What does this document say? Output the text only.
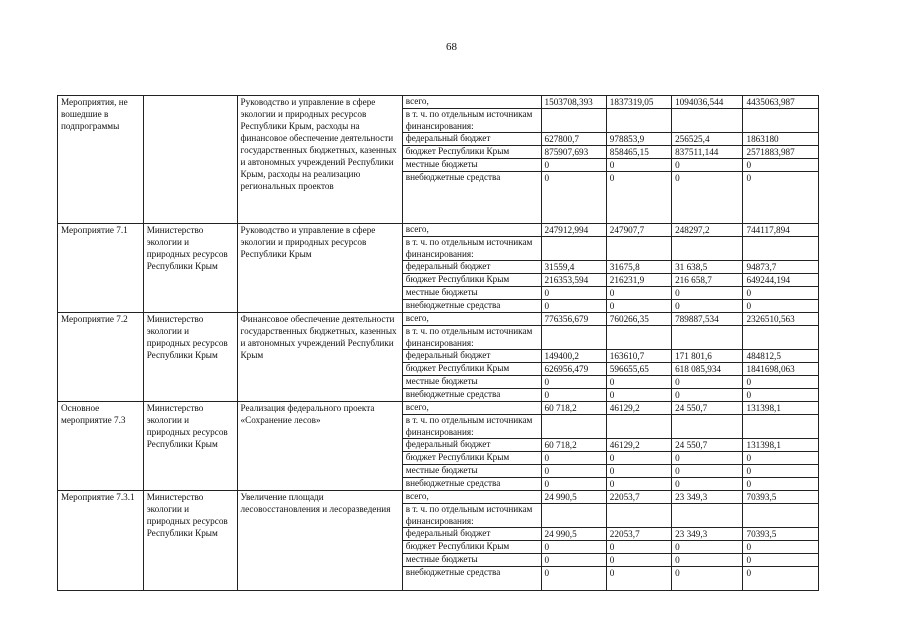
68
Мероприятия, не вошедшие в подпрограммы		Руководство и управление в сфере экологии и природных ресурсов Республики Крым, расходы на финансовое обеспечение деятельности государственных бюджетных, казенных и автономных учреждений Республики Крым, расходы на реализацию региональных проектов	всего,	1503708,393	1837319,05	1094036,544	4435063,987
			в т. ч. по отдельным источникам финансирования:				
			федеральный бюджет	627800,7	978853,9	256525,4	1863180
			бюджет Республики Крым	875907,693	858465,15	837511,144	2571883,987
			местные бюджеты	0	0	0	0
			внебюджетные средства	0	0	0	0
Мероприятие 7.1	Министерство экологии и природных ресурсов Республики Крым	Руководство и управление в сфере экологии и природных ресурсов Республики Крым	всего,	247912,994	247907,7	248297,2	744117,894
			в т. ч. по отдельным источникам финансирования:				
			федеральный бюджет	31559,4	31675,8	31 638,5	94873,7
			бюджет Республики Крым	216353,594	216231,9	216 658,7	649244,194
			местные бюджеты	0	0	0	0
			внебюджетные средства	0	0	0	0
Мероприятие 7.2	Министерство экологии и природных ресурсов Республики Крым	Финансовое обеспечение деятельности государственных бюджетных, казенных и автономных учреждений Республики Крым	всего,	776356,679	760266,35	789887,534	2326510,563
			в т. ч. по отдельным источникам финансирования:				
			федеральный бюджет	149400,2	163610,7	171 801,6	484812,5
			бюджет Республики Крым	626956,479	596655,65	618 085,934	1841698,063
			местные бюджеты	0	0	0	0
			внебюджетные средства	0	0	0	0
Основное мероприятие 7.3	Министерство экологии и природных ресурсов Республики Крым	Реализация федерального проекта «Сохранение лесов»	всего,	60 718,2	46129,2	24 550,7	131398,1
			в т. ч. по отдельным источникам финансирования:				
			федеральный бюджет	60 718,2	46129,2	24 550,7	131398,1
			бюджет Республики Крым	0	0	0	0
			местные бюджеты	0	0	0	0
			внебюджетные средства	0	0	0	0
Мероприятие 7.3.1	Министерство экологии и природных ресурсов Республики Крым	Увеличение площади лесовосстановления и лесоразведения	всего,	24 990,5	22053,7	23 349,3	70393,5
			в т. ч. по отдельным источникам финансирования:				
			федеральный бюджет	24 990,5	22053,7	23 349,3	70393,5
			бюджет Республики Крым	0	0	0	0
			местные бюджеты	0	0	0	0
			внебюджетные средства	0	0	0	0
